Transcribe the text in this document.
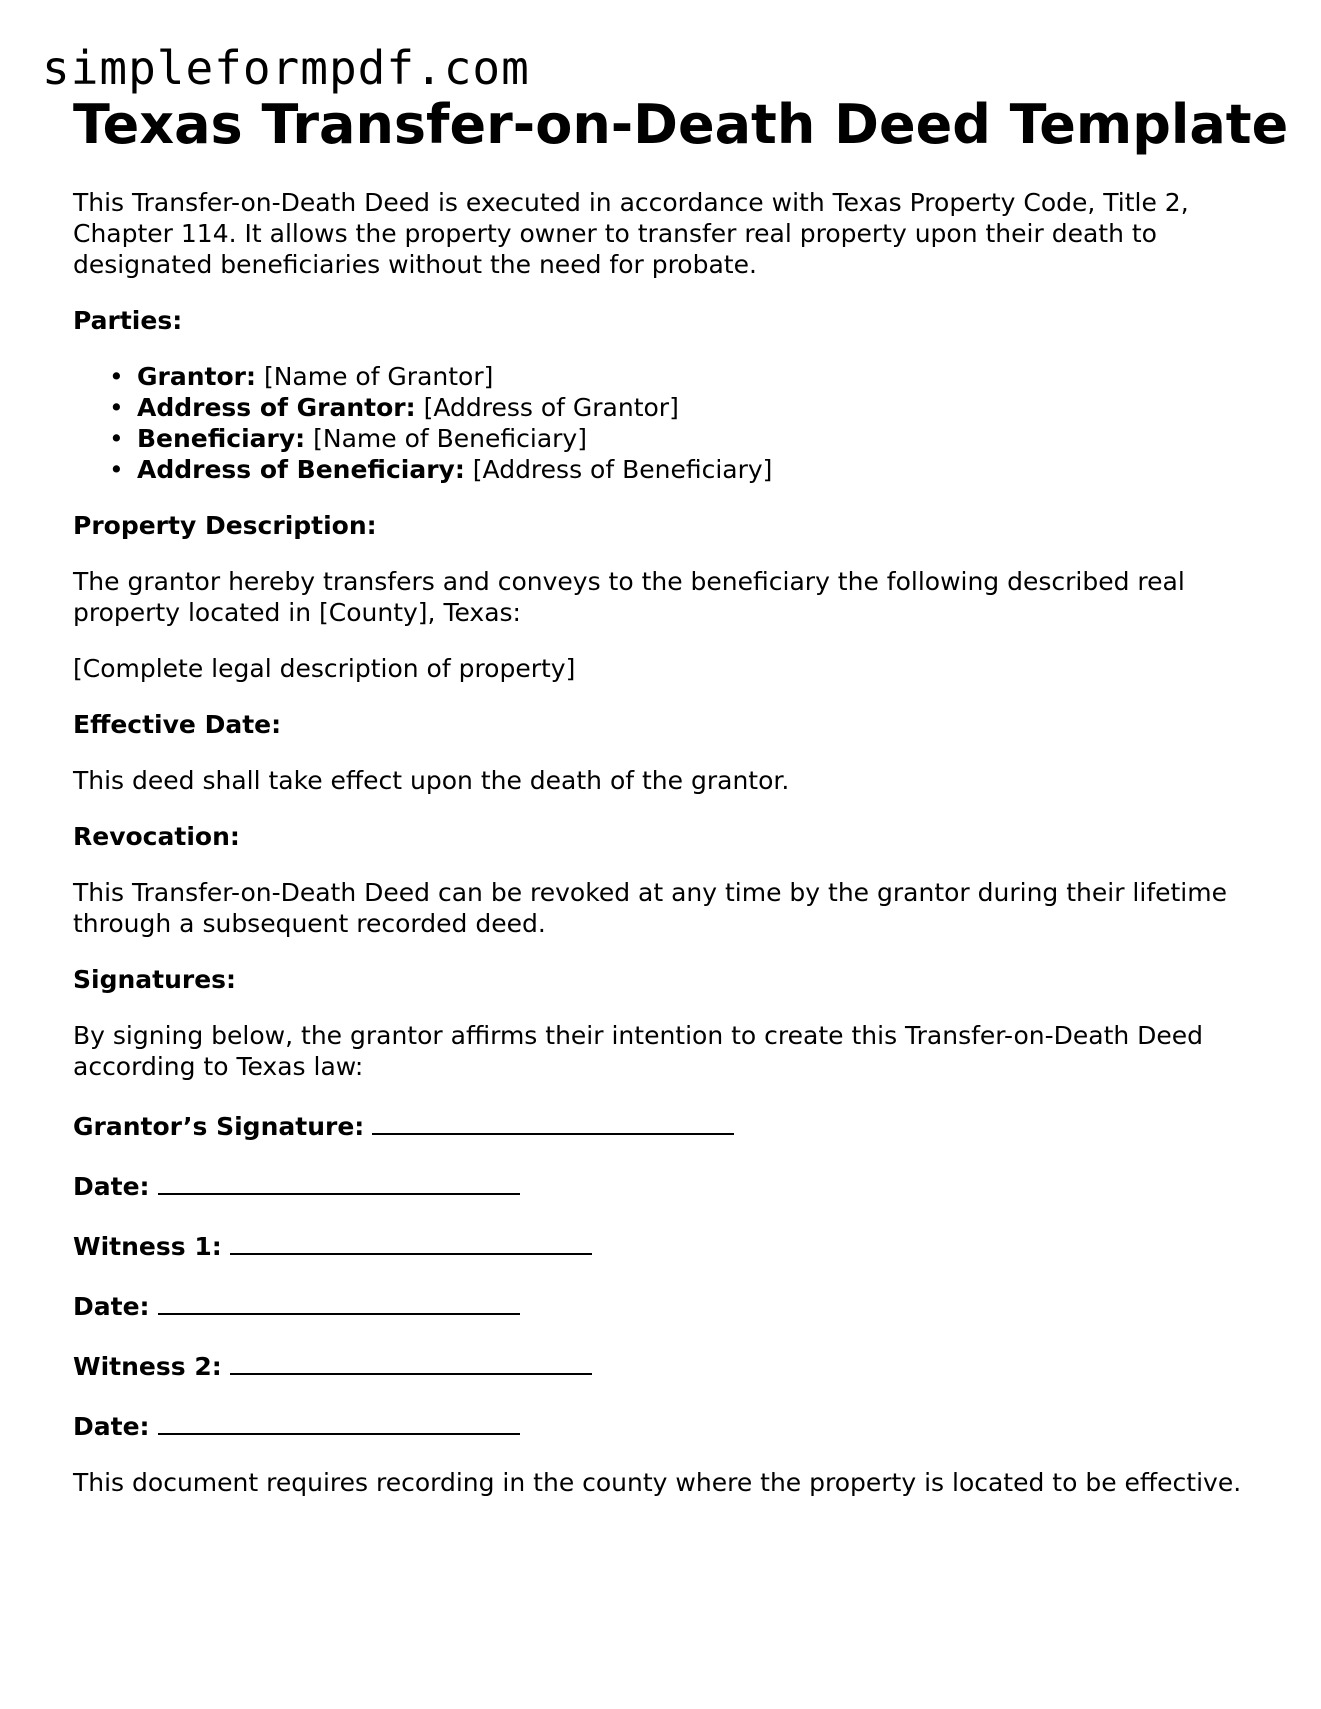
simpleformpdf.com
Texas Transfer-on-Death Deed Template

This Transfer-on-Death Deed is executed in accordance with Texas Property Code, Title 2, Chapter 114. It allows the property owner to transfer real property upon their death to designated beneficiaries without the need for probate.

Parties:
• Grantor: [Name of Grantor]
• Address of Grantor: [Address of Grantor]
• Beneficiary: [Name of Beneficiary]
• Address of Beneficiary: [Address of Beneficiary]
Property Description:

The grantor hereby transfers and conveys to the beneficiary the following described real property located in [County], Texas:

[Complete legal description of property]

Effective Date:

This deed shall take effect upon the death of the grantor.

Revocation:

This Transfer-on-Death Deed can be revoked at any time by the grantor during their lifetime through a subsequent recorded deed.

Signatures:

By signing below, the grantor affirms their intention to create this Transfer-on-Death Deed according to Texas law:

Grantor’s Signature:
Date:
Witness 1:
Date:
Witness 2:
Date:

This document requires recording in the county where the property is located to be effective.
